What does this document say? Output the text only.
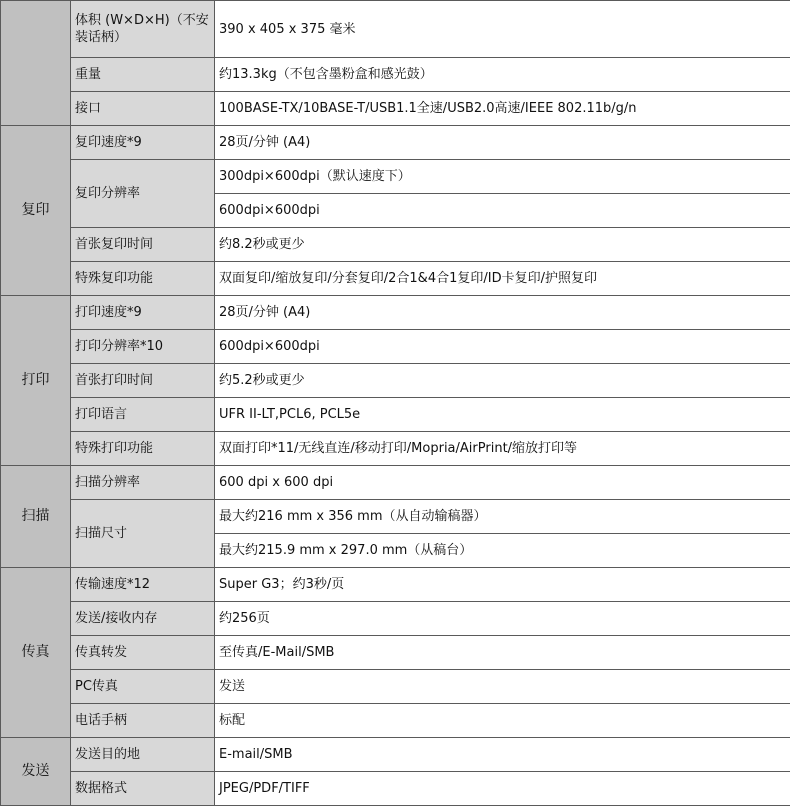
	体积 (W×D×H)（不安装话柄）	390 x 405 x 375 毫米
	重量	约13.3kg（不包含墨粉盒和感光鼓）
	接口	100BASE-TX/10BASE-T/USB1.1全速/USB2.0高速/IEEE 802.11b/g/n
复印	复印速度*9	28页/分钟 (A4)
	复印分辨率	300dpi×600dpi（默认速度下）
		600dpi×600dpi
	首张复印时间	约8.2秒或更少
	特殊复印功能	双面复印/缩放复印/分套复印/2合1&4合1复印/ID卡复印/护照复印
打印	打印速度*9	28页/分钟 (A4)
	打印分辨率*10	600dpi×600dpi
	首张打印时间	约5.2秒或更少
	打印语言	UFR II-LT,PCL6, PCL5e
	特殊打印功能	双面打印*11/无线直连/移动打印/Mopria/AirPrint/缩放打印等
扫描	扫描分辨率	600 dpi x 600 dpi
	扫描尺寸	最大约216 mm x 356 mm（从自动输稿器）
		最大约215.9 mm x 297.0 mm（从稿台）
传真	传输速度*12	Super G3；约3秒/页
	发送/接收内存	约256页
	传真转发	至传真/E-Mail/SMB
	PC传真	发送
	电话手柄	标配
发送	发送目的地	E-mail/SMB
	数据格式	JPEG/PDF/TIFF
